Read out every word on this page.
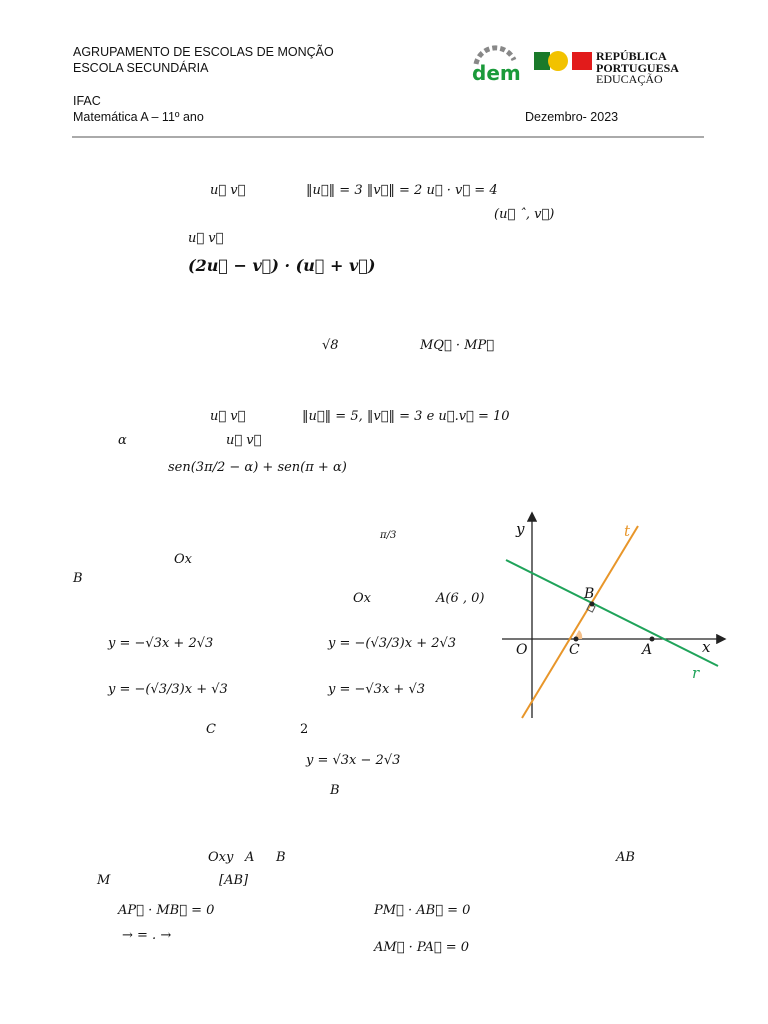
AGRUPAMENTO DE ESCOLAS DE MONÇÃO
ESCOLA SECUNDÁRIA
IFAC
Matemática A – 11º ano	Dezembro- 2023
dem
REPÚBLICA
PORTUGUESA
EDUCAÇÃO
u⃗ v⃗	‖u⃗‖ = 3 ‖v⃗‖ = 2 u⃗ · v⃗ = 4
(u⃗ ˆ, v⃗)
u⃗ v⃗
(2u⃗ − v⃗) · (u⃗ + v⃗)
√8	MQ⃗ · MP⃗
u⃗ v⃗	‖u⃗‖ = 5, ‖v⃗‖ = 3 e u⃗.v⃗ = 10
α	u⃗ v⃗
sen(3π/2 − α) + sen(π + α)
π/3
Ox
B
Ox	A(6 , 0)
y = −√3x + 2√3	y = −(√3/3)x + 2√3
y = −(√3/3)x + √3	y = −√3x + √3
C	2
y = √3x − 2√3
B
y
x
t
r
O	C	A
B
Oxy A B	AB
M	[AB]
AP⃗ · MB⃗ = 0	PM⃗ · AB⃗ = 0
→ = . →
AM⃗ · PA⃗ = 0
